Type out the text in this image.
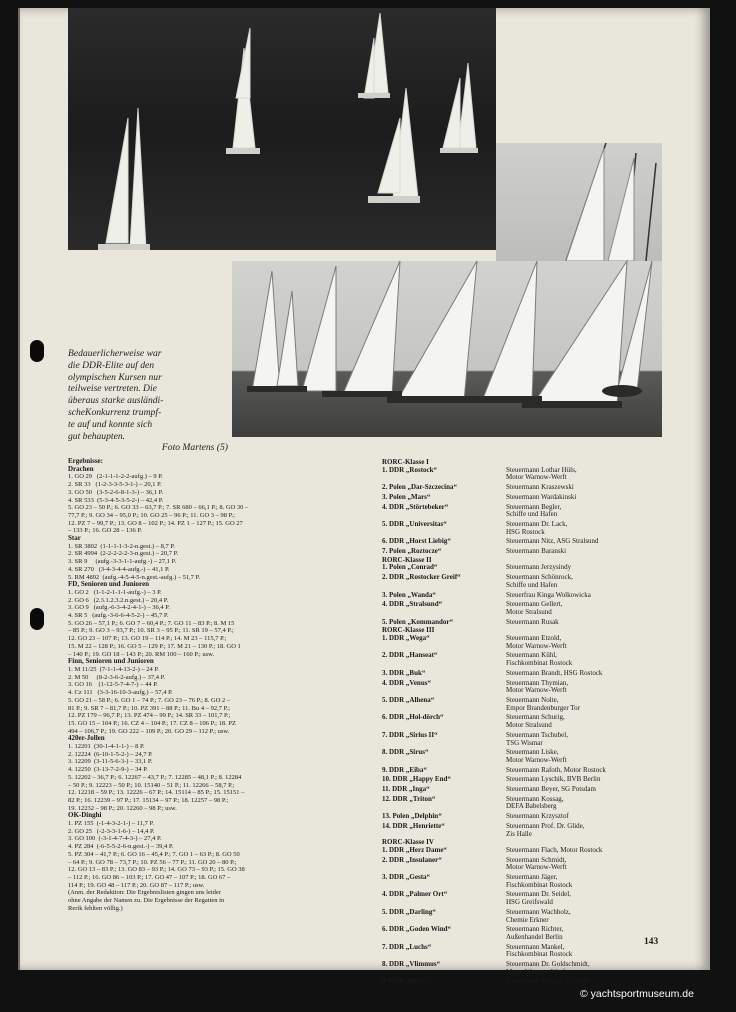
Bedauerlicherweise war

die DDR-Elite auf den

olympischen Kursen nur

teilweise vertreten. Die

überaus starke ausländi-

scheKonkurrenz trumpf-

te auf und konnte sich

gut behaupten.

Foto Martens (5)

Ergebnisse:
Drachen
1. GO 29   (2-1-1-1-2-2-aufg.) – 9 P.
2. SR 33   (1-2-3-3-5-3-1-) – 20,1 P.
3. GO 50   (3-5-2-6-8-1-3-) – 36,1 P.
4. SR 533  (5-3-4-5-3-5-2-) – 42,4 P.
5. GO 23 – 50 P.; 6. GO 33 – 63,7 P.; 7. SR 680 – 66,1 P.; 8. GO 30 –
77,7 P.; 9. GO 34 – 95,0 P.; 10. GO 25 – 96 P.; 11. GO 3 – 98 P.;
12. PZ 7 – 99,7 P.; 13. GO 8 – 102 P.; 14. PZ 1 – 127 P.; 15. GO 27
– 133 P.; 16. GO 28 – 136 P.
Star
1. SR 3802  (1-1-1-1-3-2-n.gest.) – 8,7 P.
2. SR 4994  (2-2-2-2-2-3-n.gest.) – 20,7 P.
3. SR 9     (aufg.-3-3-1-1-aufg.-) – 27,1 P.
4. SR 270   (3-4-3-4-4-aufg.-) – 41,1 P.
5. RM 4892  (aufg.-4-5-4-5-n.gest.-aufg.) – 51,7 P.
FD, Senioren und Junioren
1. GO 2   (1-1-2-1-1-1-aufg.-) – 3 P.
2. GO 6   (2.3.1.2.3.2.n.gest.) – 20,4 P.
3. GO 9   (aufg.-6-3-4-2-4-1-) – 36,4 P.
4. SR 5   (aufg.-3-6-6-4-5-2-) – 45,7 P.
5. GO 26 – 57,1 P.; 6. GO 7 – 60,4 P.; 7. GO 11 – 83 P.; 8. M 15
– 85 P.; 9. GO 3 – 93,7 P.; 10. SR 3 – 95 P.; 11. SR 19 – 57,4 P.;
12. GO 23 – 107 P.; 13. GO 19 – 114 P.; 14. M 23 – 115,7 P.;
15. M 22 – 128 P.; 16. GO 5 – 129 P.; 17. M 21 – 130 P.; 18. GO 1
– 140 P.; 19. GO 18 – 143 P.; 20. RM 100 – 160 P.; usw.
Finn, Senioren und Junioren
1. M 11/25  (7-1-1-4-13-2-) – 24 P.
2. M 50     (8-2-3-6-2-aufg.) – 37,4 P.
3. GO 16    (1-12-5-7-4-7-) – 44 P.
4. Cz 111   (3-3-16-10-3-aufg.) – 57,4 P.
5. GO 21 – 58 P.; 6. GO 1 – 74 P.; 7. GO 23 – 76 P.; 8. GO 2 –
81 P.; 9. SR 7 – 81,7 P.; 10. PZ 391 – 88 P.; 11. Bu 4 – 92,7 P.;
12. PZ 179 – 96,7 P.; 13. PZ 474 – 99 P.; 14. SR 33 – 101,7 P.;
15. GO 15 – 104 P.; 16. CZ 4 – 104 P.; 17. CZ 8 – 106 P.; 18. PZ
494 – 106,7 P.; 19. GO 222 – 109 P.; 20. GO 29 – 112 P.; usw.
420er-Jollen
1. 12201  (30-1-4-1-1-) – 8 P.
2. 12224  (6-10-1-5-2-) – 24,7 P.
3. 12209  (3-11-5-6-3-) – 33,1 P.
4. 12250  (3-13-7-2-9-) – 34 P.
5. 12202 – 36,7 P.; 6. 12267 – 43,7 P.; 7. 12285 – 48,1 P.; 8. 12284
– 50 P.; 9. 12223 – 50 P.; 10. 15140 – 51 P.; 11. 12266 – 58,7 P.;
12. 12218 – 59 P.; 13. 12226 – 67 P.; 14. 15114 – 85 P.; 15. 15151 –
82 P.; 16. 12239 – 97 P.; 17. 15134 – 97 P.; 18. 12257 – 98 P.;
19. 12232 – 98 P.; 20. 12260 – 98 P.; usw.
OK-Dinghi
1. PZ 155  (-1-4-3-2-1-) – 11,7 P.
2. GO 25   (-2-3-3-1-6-) – 14,4 P.
3. GO 100  (-3-1-4-7-4-3-) – 27,4 P.
4. PZ 284  (-6-5-5-2-6-n.gest.-) – 39,4 P.
5. PZ 304 – 41,7 P.; 6. GO 16 – 45,4 P.; 7. GO 1 – 63 P.; 8. GO 50
– 64 P.; 9. GO 78 – 73,7 P.; 10. PZ 56 – 77 P.; 11. GO 20 – 80 P.;
12. GO 13 – 83 P.; 13. GO 83 – 93 P.; 14. GO 73 – 93 P.; 15. GO 38
– 112 P.; 16. GO 86 – 103 P.; 17. GO 47 – 107 P.; 18. GO 67 –
114 P.; 19. GO 48 – 117 P.; 20. GO 87 – 117 P.; usw.
(Anm. der Redaktion: Die Ergebnislisten gingen uns leider
ohne Angabe der Namen zu. Die Ergebnisse der Regatten in
Rerik fehlten völlig.)
RORC-Klasse I
1. DDR „Rostock“	Steuermann Lothar Hüls,
Motor Warnow-Werft
2. Polen „Dar-Szczecina“	Steuermann Kraszewski
3. Polen „Mars“	Steuermann Wardakinski
4. DDR „Störtebeker“	Steuermann Begler,
Schiffe und Hafen
5. DDR „Universitas“	Steuermann Dr. Lack,
HSG Rostock
6. DDR „Horst Liebig“	Steuermann Nitz, ASG Stralsund
7. Polen „Roztocze“	Steuermann Baranski
RORC-Klasse II
1. Polen „Conrad“	Steuermann Jerzysindy
2. DDR „Rostocker Greif“	Steuermann Schönrock,
Schiffe und Hafen
3. Polen „Wanda“	Steuerfrau Kinga Wolkowicka
4. DDR „Stralsund“	Steuermann Gellert,
Motor Stralsund
5. Polen „Kommandor“	Steuermann Rusak
RORC-Klasse III
1. DDR „Wega“	Steuermann Etzold,
Motor Warnow-Werft
2. DDR „Hanseat“	Steuermann Kühl,
Fischkombinat Rostock
3. DDR „Buk“	Steuermann Brandt, HSG Rostock
4. DDR „Venus“	Steuermann Thymian,
Motor Warnow-Werft
5. DDR „Alhena“	Steuermann Nolte,
Empor Brandenburger Tor
6. DDR „Hol-dörch“	Steuermann Schurig,
Motor Stralsund
7. DDR „Sirius II“	Steuermann Tschubel,
TSG Wismar
8. DDR „Sirus“	Steuermann Liske,
Motor Warnow-Werft
9. DDR „Eiba“	Steuermann Rafoth, Motor Rostock
10. DDR „Happy End“	Steuermann Lyschik, BVB Berlin
11. DDR „Inga“	Steuermann Beyer, SG Potsdam
12. DDR „Triton“	Steuermann Kossag,
DEFA Babelsberg
13. Polen „Delphin“	Steuermann Krzysztof
14. DDR „Henriette“	Steuermann Prof. Dr. Glide,
Zis Halle
RORC-Klasse IV
1. DDR „Herz Dame“	Steuermann Flach, Motor Rostock
2. DDR „Insulaner“	Steuermann Schmidt,
Motor Warnow-Werft
3. DDR „Gesta“	Steuermann Jäger,
Fischkombinat Rostock
4. DDR „Palmer Ort“	Steuermann Dr. Seidel,
HSG Greifswald
5. DDR „Darling“	Steuermann Wachholz,
Chemie Erkner
6. DDR „Goden Wind“	Steuermann Richter,
Außenhandel Berlin
7. DDR „Luchs“	Steuermann Mankel,
Fischkombinat Rostock
8. DDR „Vlimmus“	Steuermann Dr. Goldschmidt,
Motor Warnow-Werft
9. DDR „Zis I“	Steuermann Nöckel, Zis Halle
143
© yachtsportmuseum.de
